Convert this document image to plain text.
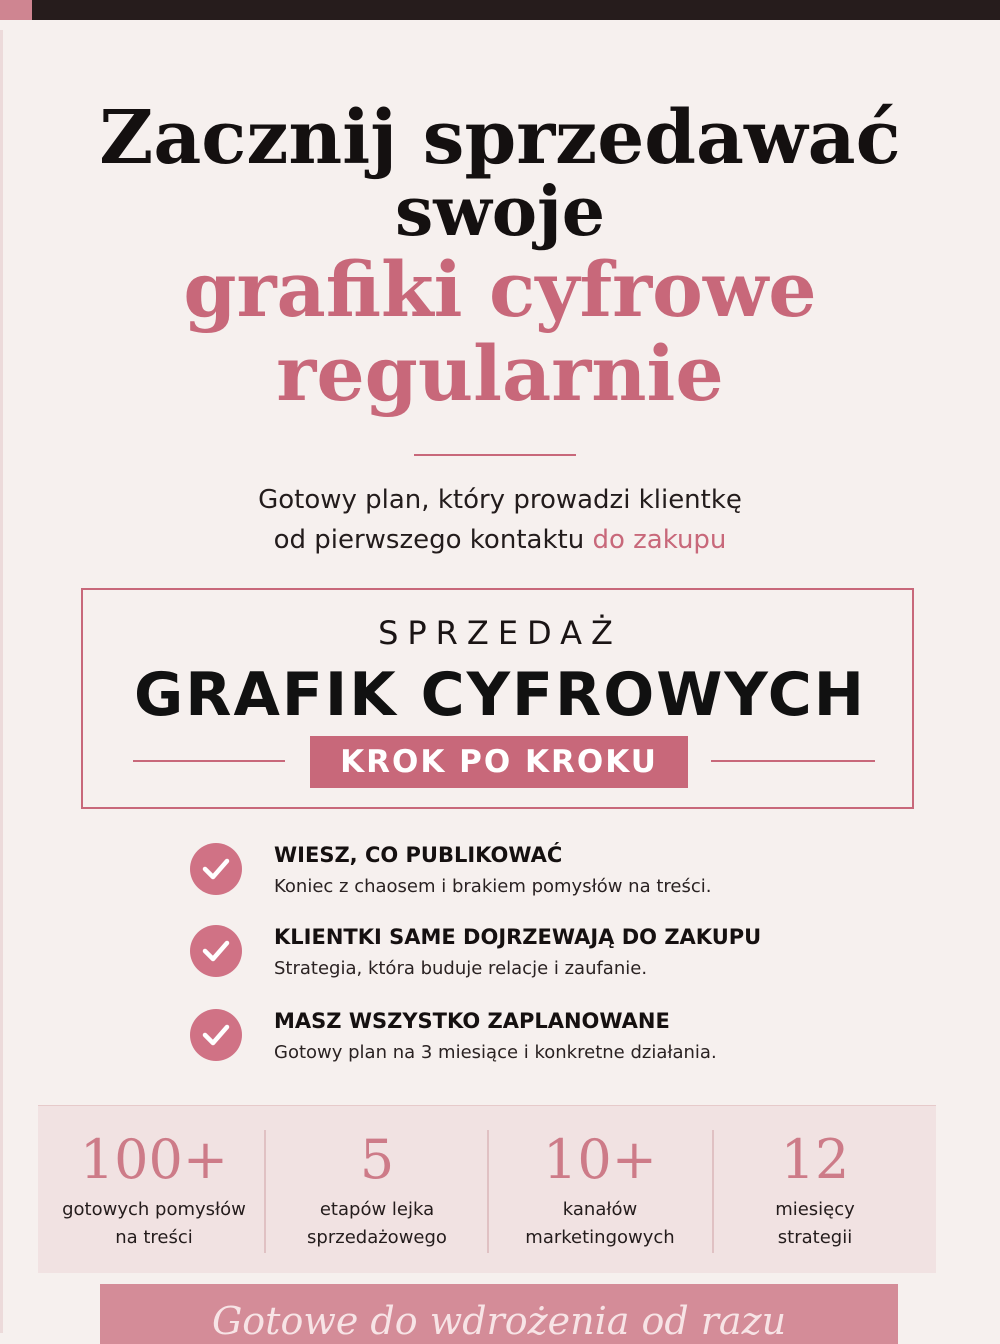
Zacznij sprzedawać
swoje
grafiki cyfrowe
regularnie
Gotowy plan, który prowadzi klientkę
od pierwszego kontaktu do zakupu
SPRZEDAŻ
GRAFIK CYFROWYCH
KROK PO KROKU
WIESZ, CO PUBLIKOWAĆ
Koniec z chaosem i brakiem pomysłów na treści.
KLIENTKI SAME DOJRZEWAJĄ DO ZAKUPU
Strategia, która buduje relacje i zaufanie.
MASZ WSZYSTKO ZAPLANOWANE
Gotowy plan na 3 miesiące i konkretne działania.
100+
gotowych pomysłów
na treści
5
etapów lejka
sprzedażowego
10+
kanałów
marketingowych
12
miesięcy
strategii
Gotowe do wdrożenia od razu
